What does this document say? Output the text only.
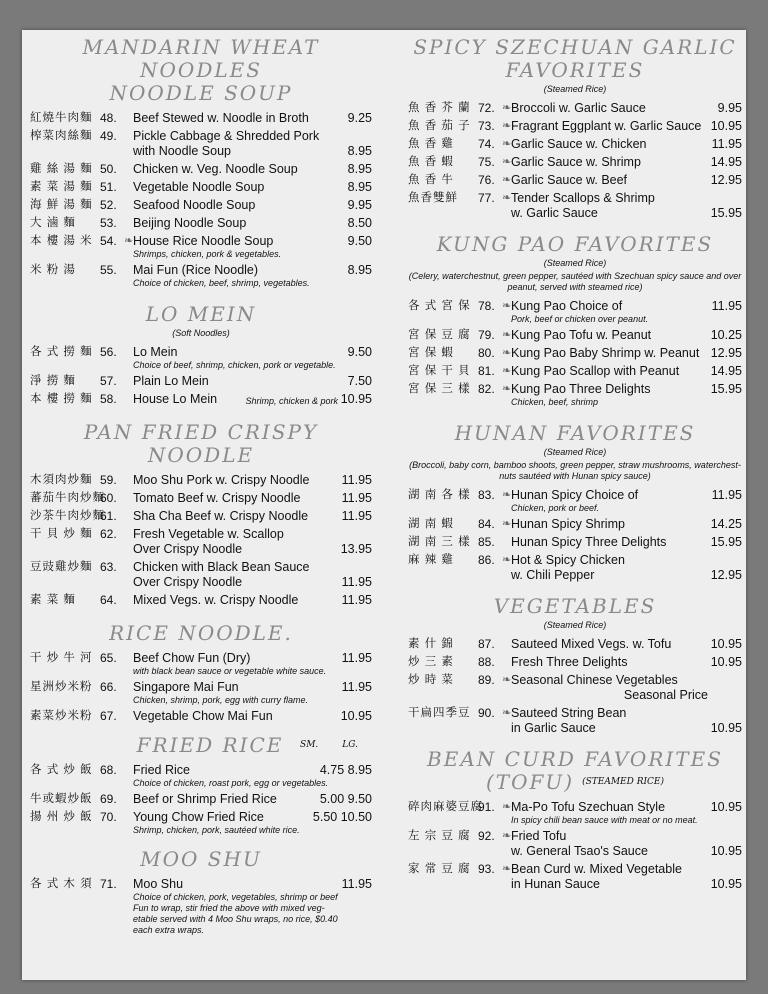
MANDARIN WHEAT NOODLES
NOODLE SOUP
紅燒牛肉麵 48.	Beef Stewed w. Noodle in Broth	9.25
榨菜肉絲麵 49.	Pickle Cabbage & Shredded Pork
with Noodle Soup	8.95
雞 絲 湯 麵 50.	Chicken w. Veg. Noodle Soup	8.95
素 菜 湯 麵 51.	Vegetable Noodle Soup	8.95
海 鮮 湯 麵 52.	Seafood Noodle Soup	9.95
大 滷 麵	53.	Beijing Noodle Soup	8.50
本 樓 湯 米 54. ❧ House Rice Noodle Soup	9.50
Shrimps, chicken, pork & vegetables.
米 粉 湯	55.	Mai Fun (Rice Noodle)	8.95
Choice of chicken, beef, shrimp, vegetables.
LO MEIN
(Soft Noodles)
各 式 撈 麵 56.	Lo Mein	9.50
Choice of beef, shrimp, chicken, pork or vegetable.
淨 撈 麵	57.	Plain Lo Mein	7.50
本 樓 撈 麵 58.	House Lo Mein	Shrimp, chicken & pork 10.95
PAN FRIED CRISPY NOODLE
木須肉炒麵 59.	Moo Shu Pork w. Crispy Noodle	11.95
蕃茄牛肉炒麵
60.	Tomato Beef w. Crispy Noodle	11.95
沙茶牛肉炒麵
61.	Sha Cha Beef w. Crispy Noodle	11.95
干 貝 炒 麵 62.	Fresh Vegetable w. Scallop
Over Crispy Noodle	13.95
豆豉雞炒麵 63.	Chicken with Black Bean Sauce
Over Crispy Noodle	11.95
素 菜 麵	64.	Mixed Vegs. w. Crispy Noodle	11.95
RICE NOODLE.
干 炒 牛 河 65.	Beef Chow Fun (Dry)	11.95
with black bean sauce or vegetable white sauce.
星洲炒米粉 66.	Singapore Mai Fun	11.95
Chicken, shrimp, pork, egg with curry flame.
素菜炒米粉 67.	Vegetable Chow Mai Fun	10.95
FRIED RICE	SM.	LG.
各 式 炒 飯 68.	Fried Rice	4.75 8.95
Choice of chicken, roast pork, egg or vegetables.
牛或蝦炒飯 69.	Beef or Shrimp Fried Rice	5.00 9.50
揚 州 炒 飯 70.	Young Chow Fried Rice	5.50 10.50
Shrimp, chicken, pork, sautéed white rice.
MOO SHU
各 式 木 須 71.	Moo Shu	11.95
Choice of chicken, pork, vegetables, shrimp or beef
Fun to wrap, stir fried the above with mixed veg-
etable served with 4 Moo Shu wraps, no rice, $0.40
each extra wraps.
SPICY SZECHUAN GARLIC
FAVORITES
(Steamed Rice)
魚 香 芥 蘭 72. ❧ Broccoli w. Garlic Sauce	9.95
魚 香 茄 子 73. ❧ Fragrant Eggplant w. Garlic Sauce 10.95
魚 香 雞	74. ❧ Garlic Sauce w. Chicken	11.95
魚 香 蝦	75. ❧ Garlic Sauce w. Shrimp	14.95
魚 香 牛	76. ❧ Garlic Sauce w. Beef	12.95
魚香雙鮮	77. ❧ Tender Scallops & Shrimp
w. Garlic Sauce	15.95
KUNG PAO FAVORITES
(Steamed Rice)
(Celery, waterchestnut, green pepper, sautéed with Szechuan spicy sauce and over peanut, served with steamed rice)
各 式 宮 保 78. ❧ Kung Pao Choice of	11.95
Pork, beef or chicken over peanut.
宮 保 豆 腐 79. ❧ Kung Pao Tofu w. Peanut	10.25
宮 保 蝦	80. ❧ Kung Pao Baby Shrimp w. Peanut 12.95
宮 保 干 貝 81. ❧ Kung Pao Scallop with Peanut	14.95
宮 保 三 樣 82. ❧ Kung Pao Three Delights	15.95
Chicken, beef, shrimp
HUNAN FAVORITES
(Steamed Rice)
(Broccoli, baby corn, bamboo shoots, green pepper, straw mushrooms, waterchest-nuts sautéed with Hunan spicy sauce)
湖 南 各 樣 83. ❧ Hunan Spicy Choice of	11.95
Chicken, pork or beef.
湖 南 蝦	84. ❧ Hunan Spicy Shrimp	14.25
湖 南 三 樣 85.	Hunan Spicy Three Delights	15.95
麻 辣 雞	86. ❧ Hot & Spicy Chicken
w. Chili Pepper	12.95
VEGETABLES
(Steamed Rice)
素 什 錦	87.	Sauteed Mixed Vegs. w. Tofu	10.95
炒 三 素	88.	Fresh Three Delights	10.95
炒 時 菜	89. ❧ Seasonal Chinese Vegetables
Seasonal Price
干扁四季豆 90. ❧ Sauteed String Bean
in Garlic Sauce	10.95
BEAN CURD FAVORITES
(TOFU) (STEAMED RICE)
碎肉麻婆豆腐
91. ❧ Ma-Po Tofu Szechuan Style	10.95
In spicy chili bean sauce with meat or no meat.
左 宗 豆 腐 92. ❧ Fried Tofu
w. General Tsao's Sauce	10.95
家 常 豆 腐 93. ❧ Bean Curd w. Mixed Vegetable
in Hunan Sauce	10.95
